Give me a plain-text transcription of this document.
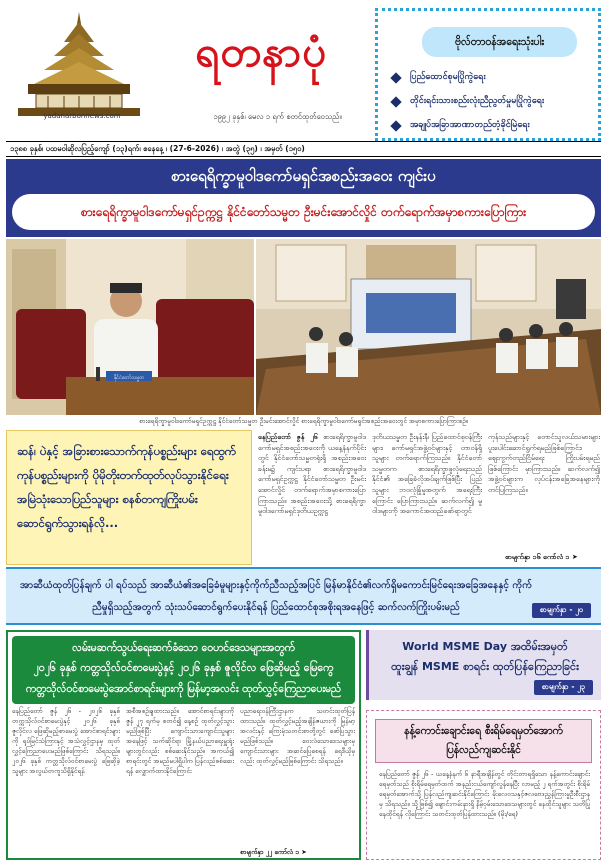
yadanarbonnews.com
ရတနာပုံ
၁၉၉၂ ခုနှစ်၊ မေလ ၁ ရက် စတင်ထုတ်ဝေသည်။
ဗိုလ်တာဝန်အရေးသုံးပါး
ပြည်ထောင်စုမပြိုကွဲရေး
တိုင်းရင်းသားစည်းလုံးညီညွတ်မှုမပြိုကွဲရေး
အချုပ်အခြာအာဏာတည်တံ့ခိုင်မြဲရေး
၁၃၈၈ ခုနှစ်၊ ပထမဝါဆိုလပြည့်ကျော် (၁၃)ရက်၊ စနေနေ့ ၊ (27-6-2026) ၊ အတွဲ (၃၅) ၊ အမှတ် (၁၅၀)
စားရေရိက္ခာမူဝါဒကော်မရှင်အစည်းအဝေး ကျင်းပ
စားရေရိက္ခာမူဝါဒကော်မရှင်ဥက္ကဋ္ဌ နိုင်ငံတော်သမ္မတ ဦးမင်းအောင်လှိုင် တက်ရောက်အမှာစကားပြောကြား
နိုင်ငံတော်သမ္မတ
စားရေရိက္ခာမူဝါဒကော်မရှင်ဥက္ကဋ္ဌ နိုင်ငံတော်သမ္မတ ဦးမင်းအောင်လှိုင် စားရေရိက္ခာမူဝါဒကော်မရှင်အစည်းအဝေးတွင် အမှာစကားပြောကြားစဉ်။
ဆန်၊ ပဲနှင့် အခြားစားသောက်ကုန်ပစ္စည်းများ ရေထွက်ကုန်ပစ္စည်းများကို ပိုမိုတိုးတက်ထုတ်လုပ်သွားနိုင်ရေး အမြဲသုံးသောပြည်သူများ စနစ်တကျကြိုးပမ်းဆောင်ရွက်သွားရန်လို...
နေပြည်တော် ဇွန် ၂၆ စားရေရိက္ခာမူဝါဒကော်မရှင်အစည်းအဝေးကို ယနေ့နံနက်ပိုင်းတွင် နိုင်ငံတော်သမ္မတရုံးရှိ အစည်းအဝေးခန်းမ၌ ကျင်းပရာ စားရေရိက္ခာမူဝါဒကော်မရှင်ဥက္ကဋ္ဌ နိုင်ငံတော်သမ္မတ ဦးမင်းအောင်လှိုင် တက်ရောက်အမှာစကားပြောကြားသည်။ အစည်းအဝေးသို့ စားရေရိက္ခာမူဝါဒကော်မရှင်ဒုတိယဥက္ကဋ္ဌ
ဒုတိယသမ္မတ ဦးနန်းနီ၊ ပြည်ထောင်စုဝန်ကြီးများ၊ ကော်မရှင်အဖွဲ့ဝင်များနှင့် တာဝန်ရှိသူများ တက်ရောက်ကြသည်။ နိုင်ငံတော်သမ္မတက စားရေရိက္ခာဖူလုံရေးသည် နိုင်ငံ၏ အခြေခံလိုအပ်ချက်ဖြစ်ပြီး ပြည်သူများ ဘဝလုံခြုံမှုအတွက် အရေးကြီးကြောင်း ပြောကြားသည်။ ဆက်လက်၍ မူဝါဒများကို အကောင်အထည်ဖော်ရာတွင်
ကုန်သည်များနှင့် တောင်သူလယ်သမားများ ပူးပေါင်းဆောင်ရွက်ရမည်ဖြစ်ကြောင်း၊ ဈေးကွက်တည်ငြိမ်ရေး ကြိုးပမ်းရမည်ဖြစ်ကြောင်း မှာကြားသည်။ ဆက်လက်၍ အဖွဲ့ဝင်များက လုပ်ငန်းအခြေအနေများကို တင်ပြကြသည်။
စာမျက်နှာ ၁၆ ကော်လံ ၁ ➤
အာဆီယံထုတ်ပြန်ချက် ပါ ရပ်သည် အာဆီယံ၏အခြေခံမူများနှင့်ကိုက်ညီသည့်အပြင် မြန်မာနိုင်ငံ၏လက်ရှိမကောင်းမြင်ရေးအခြေအနေနှင့် ကိုက်ညီမှုရှိသည့်အတွက် သုံးသပ်ဆောင်ရွက်ပေးနိုင်ရန် ပြည်ထောင်စုအစိုးရအနေဖြင့် ဆက်လက်ကြိုးပမ်းမည်	စာမျက်နှာ - ၂၀
လမ်းမဆက်သွယ်ရေးဆက်ခံသော ဝေဟင်ဒေသများအတွက်
၂၀၂၆ ခုနှစ် ကတ္တသိုလ်ဝင်စာမေးပွဲနှင့် ၂၀၂၆ ခုနှစ် ဇူလိုင်လ ဖြေဆိုမည့် မြေကွေ
ကတ္တသိုလ်ဝင်စာမေးပွဲအောင်စာရင်းများကို မြန်မာ့အလင်း ထုတ်လွှင့်ကြေညာပေးမည်
နေပြည်တော် ဇွန် ၂၆ - ၂၀၂၆ ခုနှစ် တက္ကသိုလ်ဝင်စာမေးပွဲနှင့် ၂၀၂၆ ခုနှစ် ဇူလိုင်လ ဖြေဆိုမည့်စာမေးပွဲ အောင်စာရင်းများကို ရုပ်မြင်သံကြားနှင့် အသံလွှင့်ဌာနမှ ထုတ်လွှင့်ကြေညာပေးမည်ဖြစ်ကြောင်း သိရသည်။ ၂၀၂၆ ခုနှစ် ကတ္တသိုလ်ဝင်စာမေးပွဲ ဖြေဆိုခဲ့သူများ အလွယ်တကူသိရှိနိုင်ရန်
အစီအစဉ်ချထားသည်။ အောင်စာရင်းများကို ဇွန် ၂၇ ရက်မှ စတင်၍ နေ့စဉ် ထုတ်လွှင့်သွားမည်ဖြစ်ပြီး ကျောင်းသားကျောင်းသူများ အနေဖြင့် သက်ဆိုင်ရာ မြို့နယ်ပညာရေးမှူးရုံးများတွင်လည်း စစ်ဆေးနိုင်သည်။ အကယ်၍ စာရင်းတွင် အမည်မပါရှိပါက ပြန်လည်စစ်ဆေးရန် လျှောက်ထားနိုင်ကြောင်း
ပညာရေးဝန်ကြီးဌာနက သတင်းထုတ်ပြန်ထားသည်။ ထုတ်လွှင့်မည့်အချိန်ဇယားကို မြန်မာ့အလင်းနှင့် ကြေးမုံသတင်းစာတို့တွင် ဖော်ပြသွားမည်ဖြစ်သည်။ ဝေးလံသောဒေသများမှ ကျောင်းသားများ အဆင်ပြေစေရန် ရေဒီယိုမှလည်း ထုတ်လွှင့်မည်ဖြစ်ကြောင်း သိရသည်။
စာမျက်နှာ ၂၂ ကော်လံ ၁ ➤
World MSME Day အထိမ်းအမှတ်
ထူးချွန် MSME စာရင်း ထုတ်ပြန်ကြေညာခြင်း
စာမျက်နှာ - ၂၃
နန့်ကောင်းချောင်းရေ စီးရိမ်ရေမှတ်အောက်
ပြန်လည်ကျဆင်းနိုင်
နေပြည်တော် ဇွန် ၂၆ - ယနေ့နံနက် ၆ နာရီအချိန်တွင် တိုင်းတာရရှိသော နန့်ကောင်းချောင်းရေမှတ်သည် စိုးရိမ်ရေမှတ်ထက် အနည်းငယ်ကျော်လွန်နေပြီး လာမည့် ၂ ရက်အတွင်း စိုးရိမ်ရေမှတ်အောက်သို့ ပြန်လည်ကျဆင်းနိုင်ကြောင်း မိုးလေဝသနှင့်ဇလဗေဒညွှန်ကြားမှုဦးစီးဌာနမှ သိရသည်။ သို့ဖြစ်၍ ချောင်းကမ်းနားရှိ နိမ့်ဝှမ်းသောဒေသများတွင် နေထိုင်သူများ သတိပြုနေထိုင်ရန် လိုကြောင်း သတင်းထုတ်ပြန်ထားသည်။ (မိုး/ရေ)
